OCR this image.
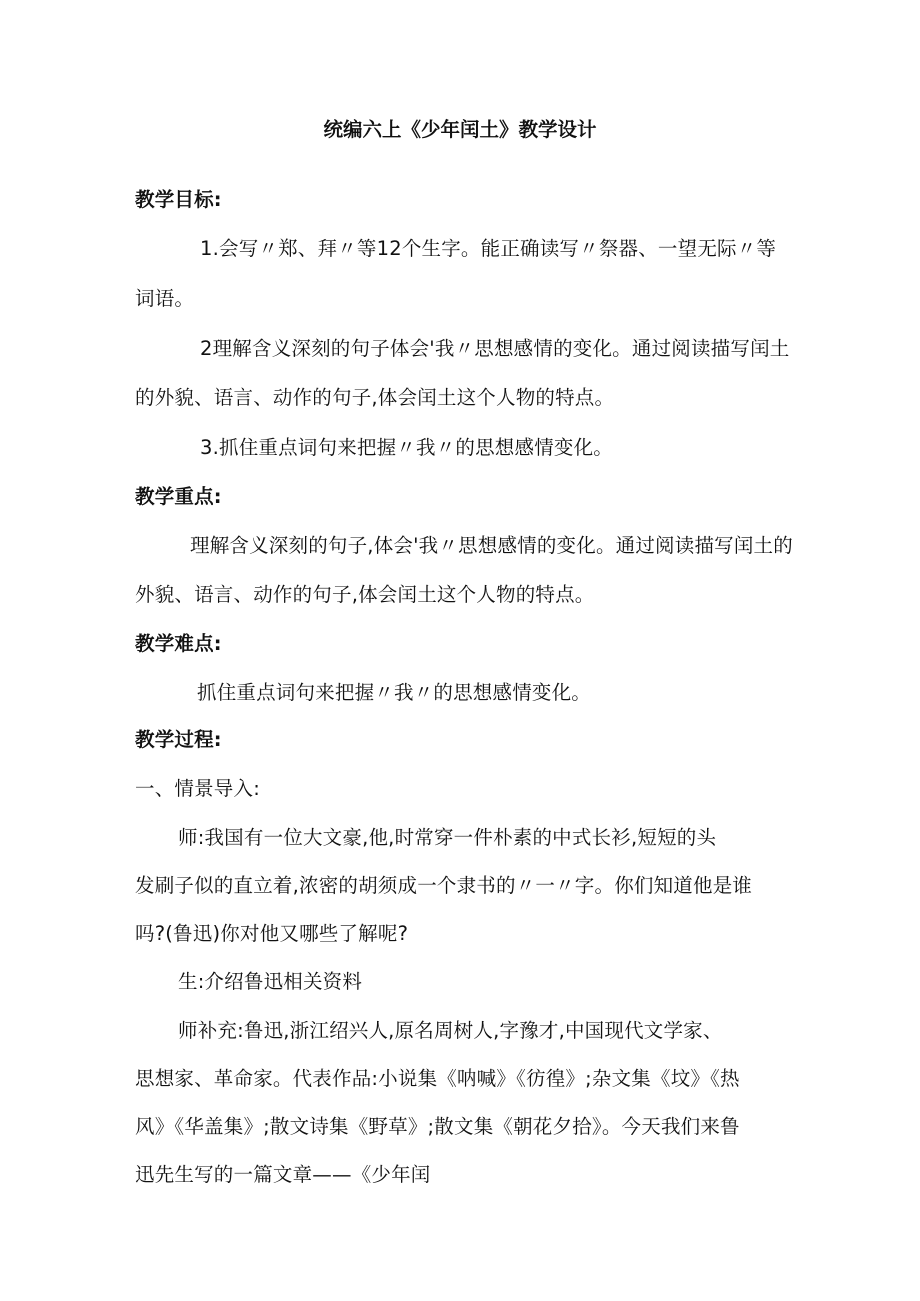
统编六上《少年闰土》教学设计
教学目标:
1.会写〃郑、拜〃等12个生字。能正确读写〃祭器、一望无际〃等
词语。
2理解含义深刻的句子体会'我〃思想感情的变化。通过阅读描写闰土
的外貌、语言、动作的句子,体会闰土这个人物的特点。
3.抓住重点词句来把握〃我〃的思想感情变化。
教学重点:
理解含义深刻的句子,体会'我〃思想感情的变化。通过阅读描写闰土的
外貌、语言、动作的句子,体会闰土这个人物的特点。
教学难点:
抓住重点词句来把握〃我〃的思想感情变化。
教学过程:
一、情景导入:
师:我国有一位大文豪,他,时常穿一件朴素的中式长衫,短短的头
发刷子似的直立着,浓密的胡须成一个隶书的〃一〃字。你们知道他是谁
吗?(鲁迅)你对他又哪些了解呢?
生:介绍鲁迅相关资料
师补充:鲁迅,浙江绍兴人,原名周树人,字豫才,中国现代文学家、
思想家、革命家。代表作品:小说集《呐喊》《彷徨》;杂文集《坟》《热
风》《华盖集》;散文诗集《野草》;散文集《朝花夕拾》。今天我们来鲁
迅先生写的一篇文章——《少年闰
